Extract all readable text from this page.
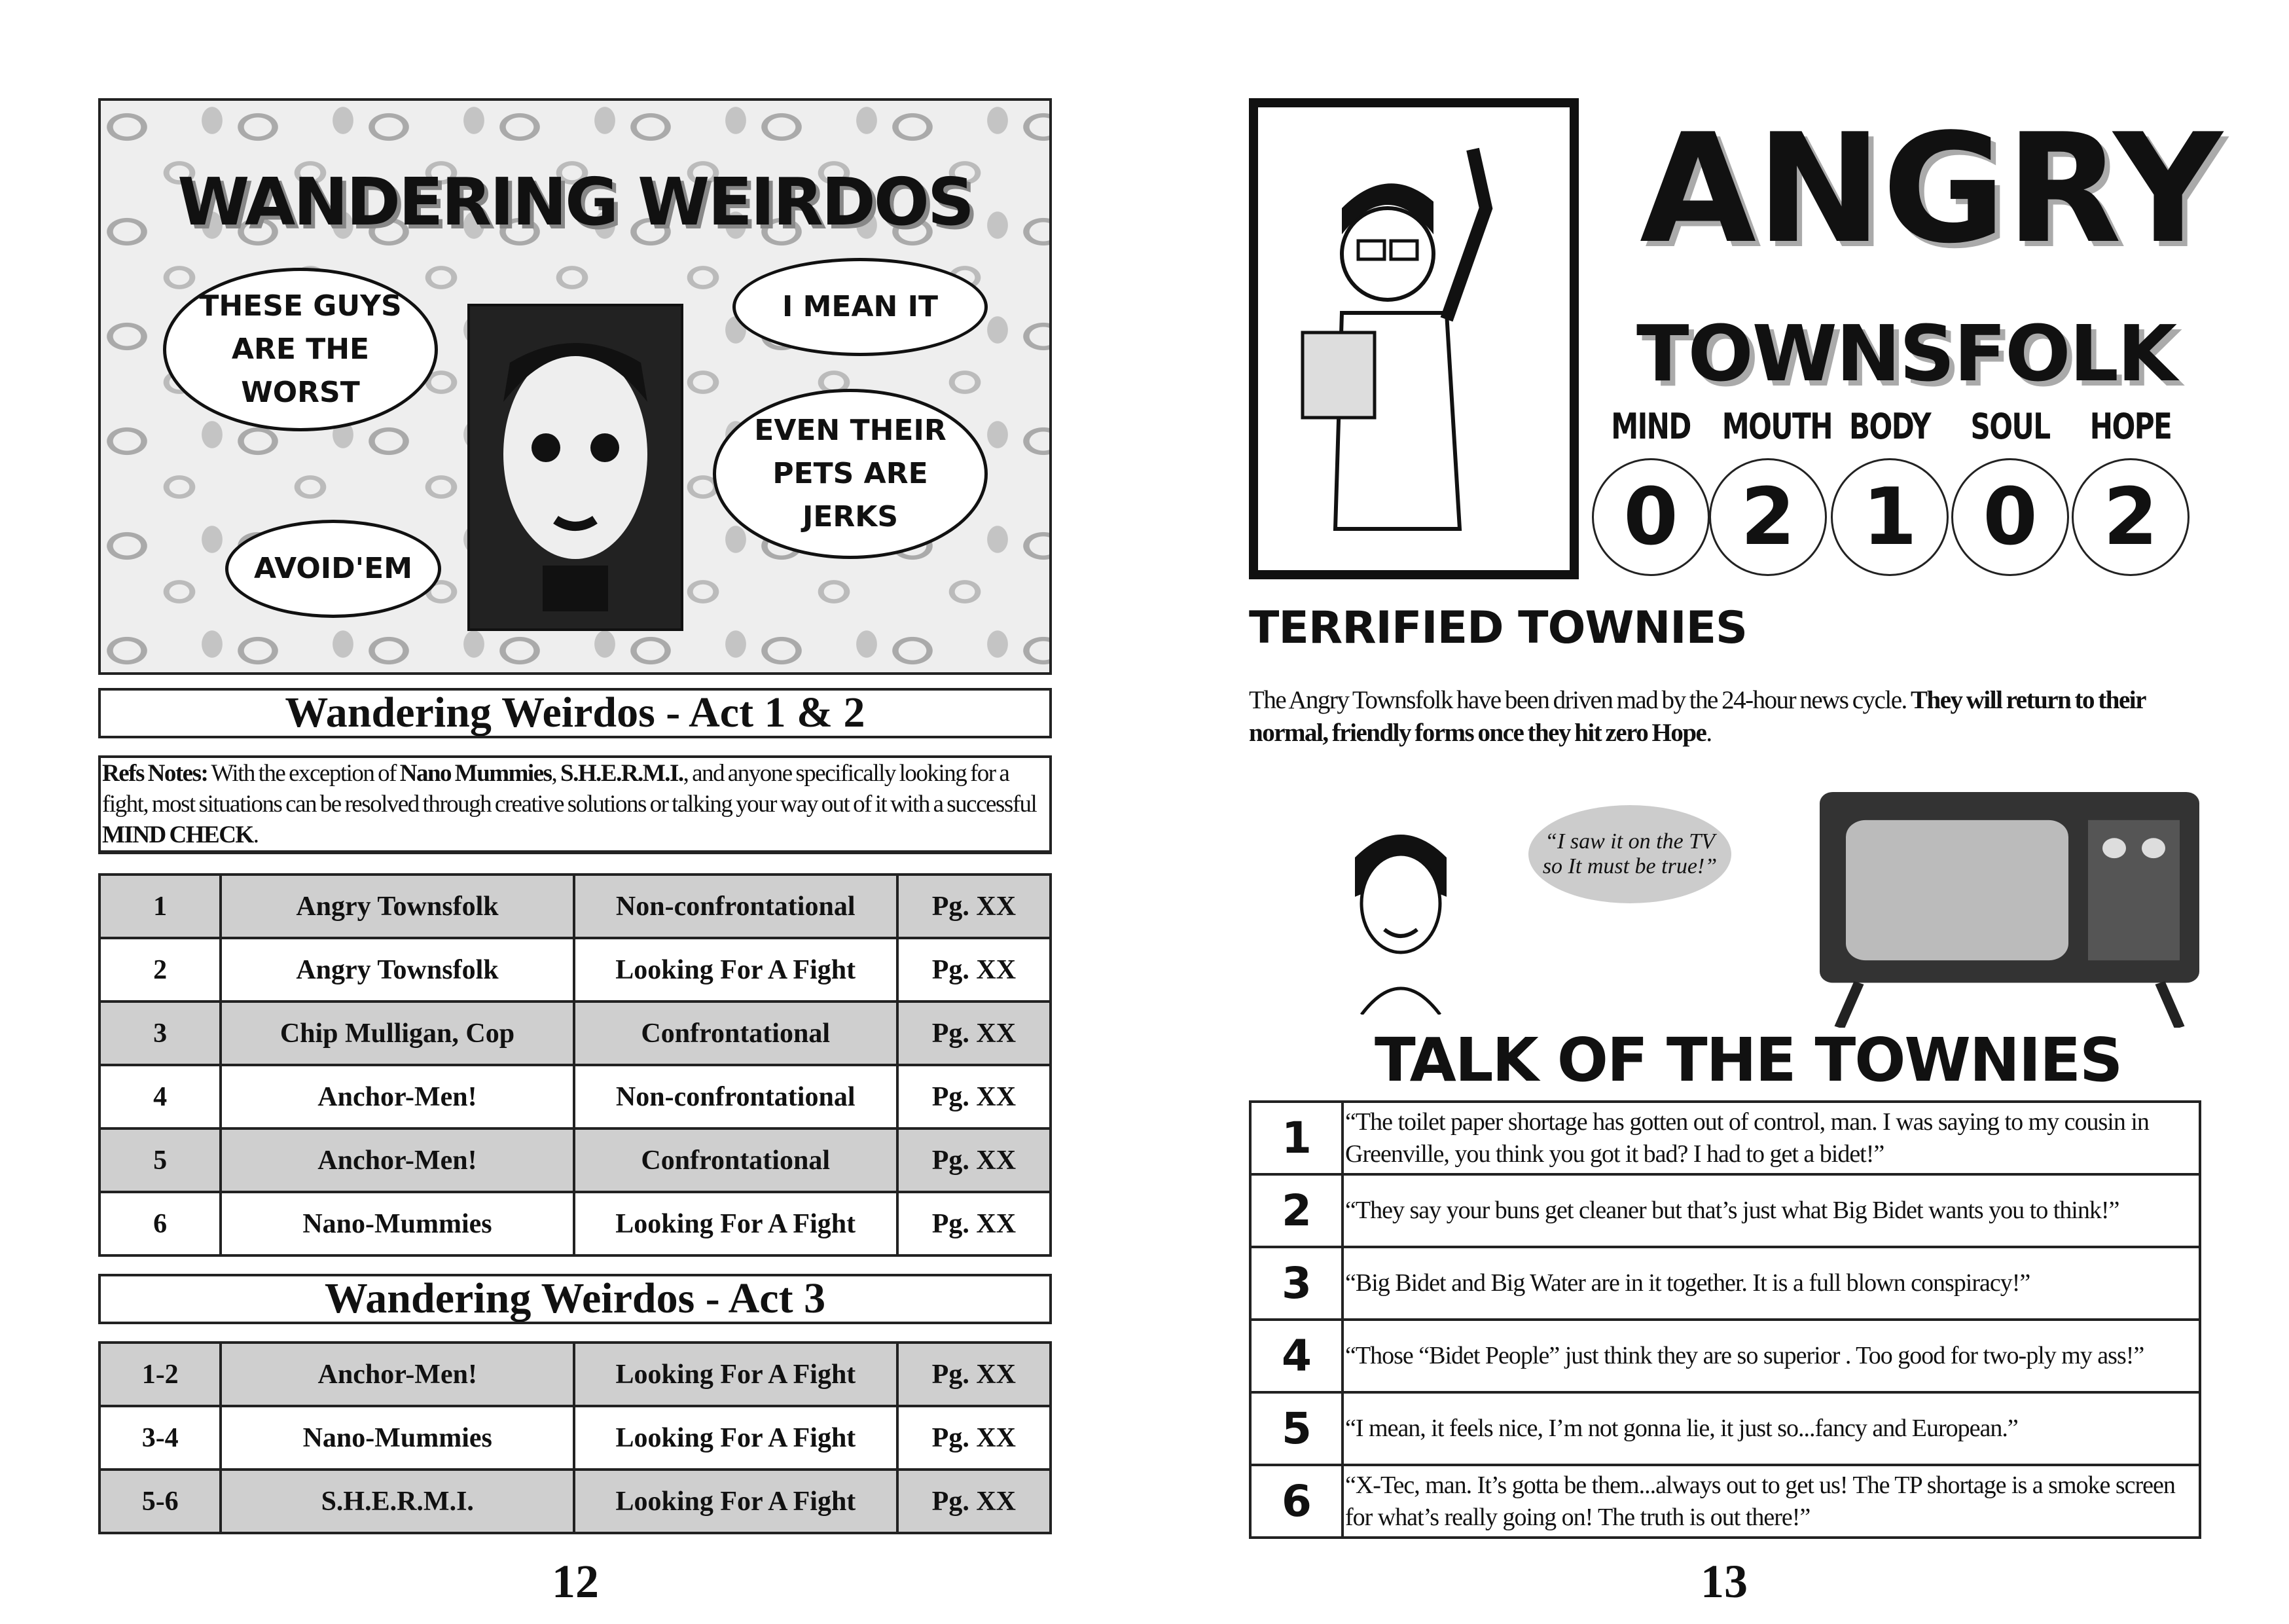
THESE GUYS ARE THE WORST
I MEAN IT
EVEN THEIR PETS ARE JERKS
AVOID'EM
WANDERING WEIRDOS
Wandering Weirdos - Act 1 & 2
Refs Notes: With the exception of Nano Mummies, S.H.E.R.M.I., and anyone specifically looking for a fight, most situations can be resolved through creative solutions or talking your way out of it with a successful MIND CHECK.
1	Angry Townsfolk	Non-confrontational	Pg. XX
2	Angry Townsfolk	Looking For A Fight	Pg. XX
3	Chip Mulligan, Cop	Confrontational	Pg. XX
4	Anchor-Men!	Non-confrontational	Pg. XX
5	Anchor-Men!	Confrontational	Pg. XX
6	Nano-Mummies	Looking For A Fight	Pg. XX
Wandering Weirdos - Act 3
1-2	Anchor-Men!	Looking For A Fight	Pg. XX
3-4	Nano-Mummies	Looking For A Fight	Pg. XX
5-6	S.H.E.R.M.I.	Looking For A Fight	Pg. XX
12
ANGRY
TOWNSFOLK
MIND
0
MOUTH
2
BODY
1
SOUL
0
HOPE
2
TERRIFIED TOWNIES
The Angry Townsfolk have been driven mad by the 24-hour news cycle. They will return to their normal, friendly forms once they hit zero Hope.
“I saw it on the TV so It must be true!”
TALK OF THE TOWNIES
1	“The toilet paper shortage has gotten out of control, man. I was saying to my cousin in Greenville, you think you got it bad? I had to get a bidet!”
2	“They say your buns get cleaner but that’s just what Big Bidet wants you to think!”
3	“Big Bidet and Big Water are in it together. It is a full blown conspiracy!”
4	“Those “Bidet People” just think they are so superior . Too good for two-ply my ass!”
5	“I mean, it feels nice, I’m not gonna lie, it just so...fancy and European.”
6	“X-Tec, man. It’s gotta be them...always out to get us! The TP shortage is a smoke screen for what’s really going on! The truth is out there!”
13
